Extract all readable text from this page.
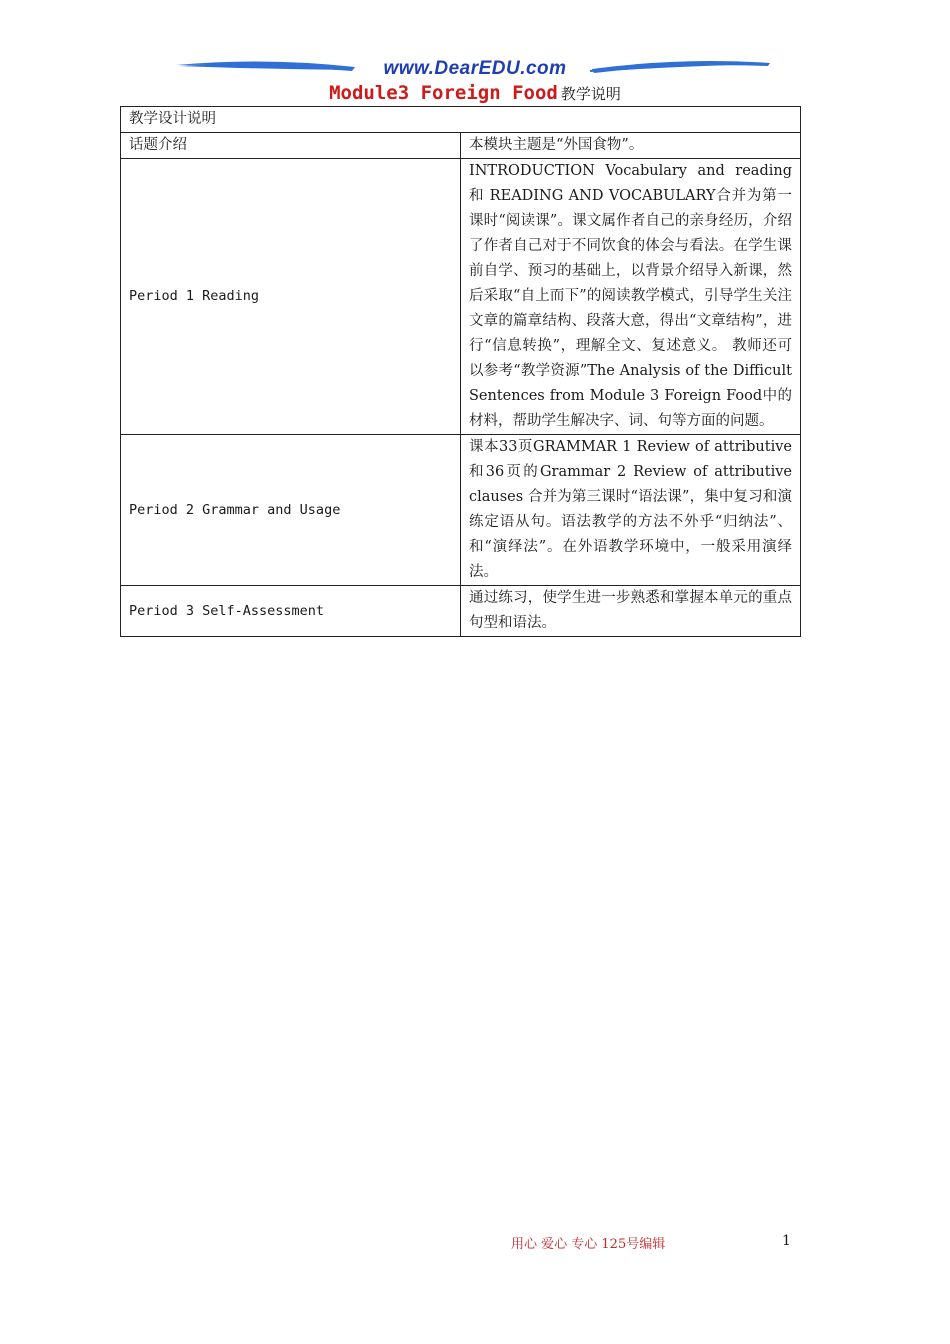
www.DearEDU.com
Module3 Foreign Food 教学说明
教学设计说明	
话题介绍	本模块主题是“外国食物”。
Period 1 Reading	INTRODUCTION Vocabulary and reading 和 READING AND VOCABULARY合并为第一课时“阅读课”。课文属作者自己的亲身经历，介绍了作者自己对于不同饮食的体会与看法。在学生课前自学、预习的基础上，以背景介绍导入新课，然后采取“自上而下”的阅读教学模式，引导学生关注文章的篇章结构、段落大意，得出“文章结构”，进行“信息转换”，理解全文、复述意义。 教师还可以参考“教学资源”The Analysis of the Difficult Sentences from Module 3 Foreign Food中的材料，帮助学生解决字、词、句等方面的问题。
Period 2 Grammar and Usage	课本33页GRAMMAR 1 Review of attributive 和36页的Grammar 2 Review of attributive clauses 合并为第三课时“语法课”，集中复习和演练定语从句。语法教学的方法不外乎“归纳法”、和“演绎法”。在外语教学环境中，一般采用演绎法。
Period 3 Self-Assessment	通过练习，使学生进一步熟悉和掌握本单元的重点句型和语法。
用心 爱心 专心 125号编辑	1
